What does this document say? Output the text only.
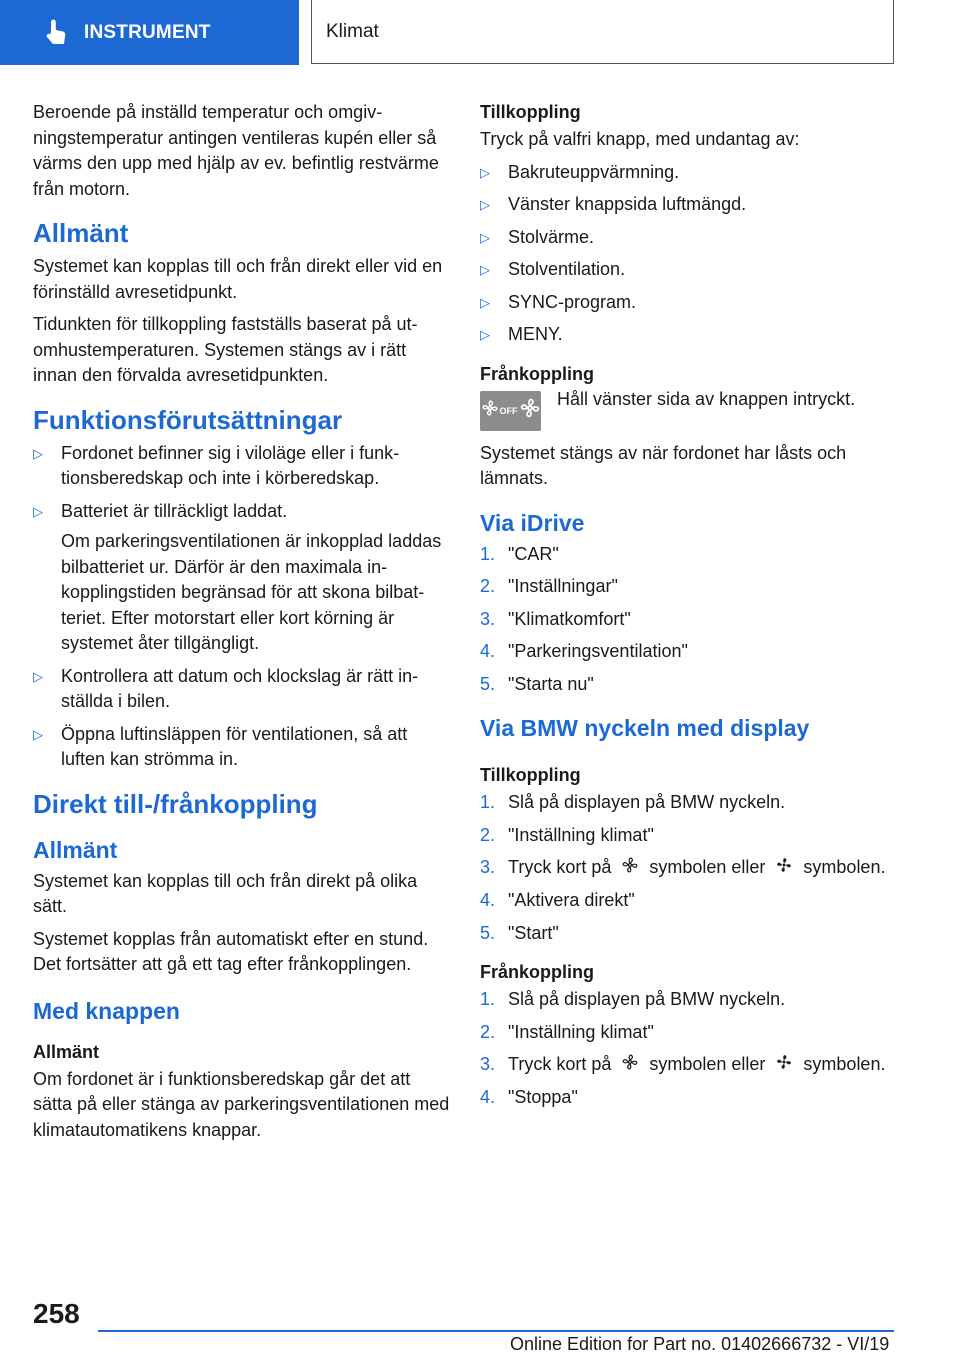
INSTRUMENT	Klimat

Beroende på inställd temperatur och omgivningstemperatur antingen ventileras kupén eller så värms den upp med hjälp av ev. befintlig restvärme från motorn.

Allmänt

Systemet kan kopplas till och från direkt eller vid en förinställd avresetidpunkt.

Tidunkten för tillkoppling fastställs baserat på utomhustemperaturen. Systemen stängs av i rätt innan den förvalda avresetidpunkten.

Funktionsförutsättningar
▷ Fordonet befinner sig i viloläge eller i funktionsberedskap och inte i körberedskap.
▷ Batteriet är tillräckligt laddat.
Om parkeringsventilationen är inkopplad laddas bilbatteriet ur. Därför är den maximala inkopplingstiden begränsad för att skona bilbatteriet. Efter motorstart eller kort körning är systemet åter tillgängligt.
▷ Kontrollera att datum och klockslag är rätt inställda i bilen.
▷ Öppna luftinsläppen för ventilationen, så att luften kan strömma in.
Direkt till-/frånkoppling
Allmänt

Systemet kan kopplas till och från direkt på olika sätt.

Systemet kopplas från automatiskt efter en stund. Det fortsätter att gå ett tag efter frånkopplingen.

Med knappen
Allmänt

Om fordonet är i funktionsberedskap går det att sätta på eller stänga av parkeringsventilationen med klimatautomatikens knappar.

Tillkoppling

Tryck på valfri knapp, med undantag av:

▷ Bakruteuppvärmning.
▷ Vänster knappsida luftmängd.
▷ Stolvärme.
▷ Stolventilation.
▷ SYNC-program.
▷ MENY.
Frånkoppling
OFF

Håll vänster sida av knappen intryckt.

Systemet stängs av när fordonet har låsts och lämnats.

Via iDrive
1. "CAR"
2. "Inställningar"
3. "Klimatkomfort"
4. "Parkeringsventilation"
5. "Starta nu"
Via BMW nyckeln med display
Tillkoppling
1. Slå på displayen på BMW nyckeln.
2. "Inställning klimat"
3. Tryck kort på symbolen eller symbolen.
4. "Aktivera direkt"
5. "Start"
Frånkoppling
1. Slå på displayen på BMW nyckeln.
2. "Inställning klimat"
3. Tryck kort på symbolen eller symbolen.
4. "Stoppa"
258
Online Edition for Part no. 01402666732 - VI/19
